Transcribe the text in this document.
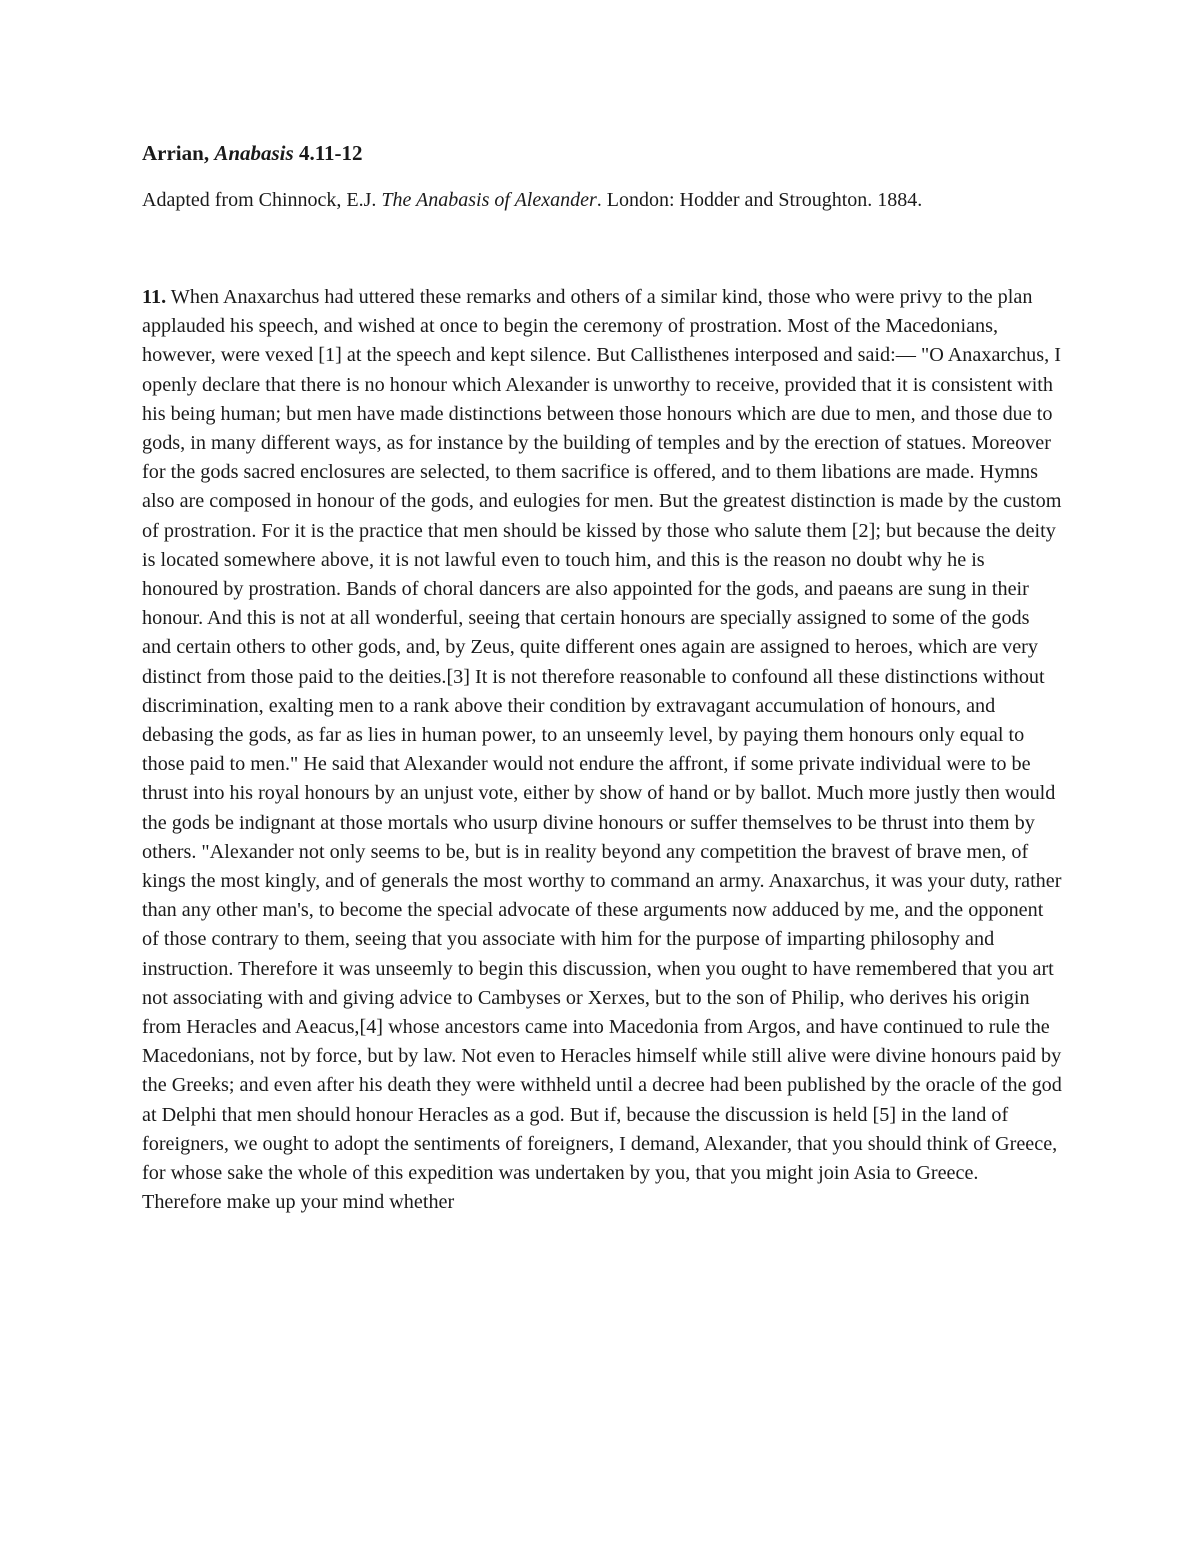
Arrian, Anabasis 4.11-12

Adapted from Chinnock, E.J. The Anabasis of Alexander. London: Hodder and Stroughton. 1884.

11. When Anaxarchus had uttered these remarks and others of a similar kind, those who were privy to the plan applauded his speech, and wished at once to begin the ceremony of prostration. Most of the Macedonians, however, were vexed [1] at the speech and kept silence. But Callisthenes interposed and said:— "O Anaxarchus, I openly declare that there is no honour which Alexander is unworthy to receive, provided that it is consistent with his being human; but men have made distinctions between those honours which are due to men, and those due to gods, in many different ways, as for instance by the building of temples and by the erection of statues. Moreover for the gods sacred enclosures are selected, to them sacrifice is offered, and to them libations are made. Hymns also are composed in honour of the gods, and eulogies for men. But the greatest distinction is made by the custom of prostration. For it is the practice that men should be kissed by those who salute them [2]; but because the deity is located somewhere above, it is not lawful even to touch him, and this is the reason no doubt why he is honoured by prostration. Bands of choral dancers are also appointed for the gods, and paeans are sung in their honour. And this is not at all wonderful, seeing that certain honours are specially assigned to some of the gods and certain others to other gods, and, by Zeus, quite different ones again are assigned to heroes, which are very distinct from those paid to the deities.[3] It is not therefore reasonable to confound all these distinctions without discrimination, exalting men to a rank above their condition by extravagant accumulation of honours, and debasing the gods, as far as lies in human power, to an unseemly level, by paying them honours only equal to those paid to men." He said that Alexander would not endure the affront, if some private individual were to be thrust into his royal honours by an unjust vote, either by show of hand or by ballot. Much more justly then would the gods be indignant at those mortals who usurp divine honours or suffer themselves to be thrust into them by others. "Alexander not only seems to be, but is in reality beyond any competition the bravest of brave men, of kings the most kingly, and of generals the most worthy to command an army. Anaxarchus, it was your duty, rather than any other man's, to become the special advocate of these arguments now adduced by me, and the opponent of those contrary to them, seeing that you associate with him for the purpose of imparting philosophy and instruction. Therefore it was unseemly to begin this discussion, when you ought to have remembered that you art not associating with and giving advice to Cambyses or Xerxes, but to the son of Philip, who derives his origin from Heracles and Aeacus,[4] whose ancestors came into Macedonia from Argos, and have continued to rule the Macedonians, not by force, but by law. Not even to Heracles himself while still alive were divine honours paid by the Greeks; and even after his death they were withheld until a decree had been published by the oracle of the god at Delphi that men should honour Heracles as a god. But if, because the discussion is held [5] in the land of foreigners, we ought to adopt the sentiments of foreigners, I demand, Alexander, that you should think of Greece, for whose sake the whole of this expedition was undertaken by you, that you might join Asia to Greece. Therefore make up your mind whether
